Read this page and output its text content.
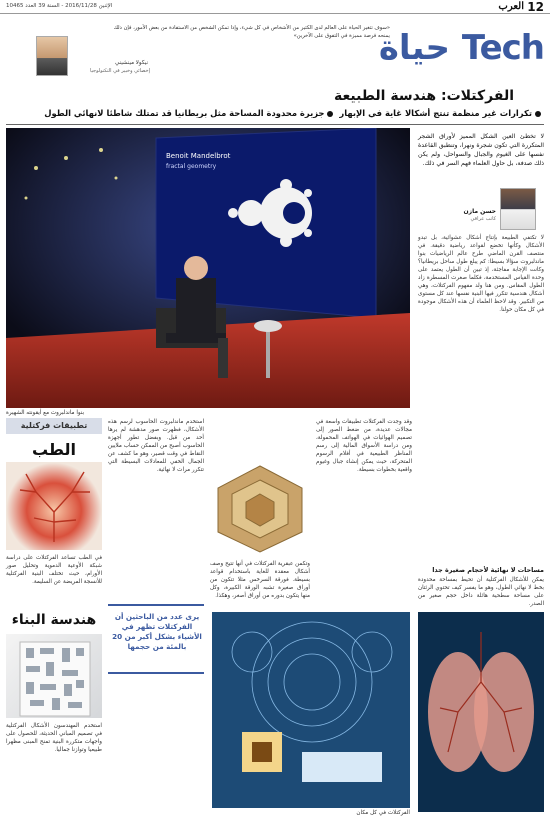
12
العرب
الإثنين 2016/11/28 - السنة 39 العدد 10465
حياة Tech
«سوف تتغير الحياة على العالم لدى الكثير من الأشخاص في كل شيء، وإذا تمكن الشخص من الاستفادة من بعض الأمور، فإن ذلك يمنحه فرصة مميزة في التفوق على الآخرين»
نيكولا مينشيني
إخصائي وخبير في التكنولوجيا
الفركتلات: هندسة الطبيعة
تكرارات غير منظمة تنتج أشكالا غاية في الإبهار جزيرة محدودة المساحة مثل بريطانيا قد تمتلك شاطئا لانهائي الطول
Benoit Mandelbrot
fractal geometry
بنوا ماندلبروت مع أيقونته الشهيرة
لا تخطئ العين الشكل المميز لأوراق الشجر المتكررة التي تكون شجرة ونهرا، وتنطبق القاعدة نفسها على الغيوم والجبال والسواحل، ولم يكن ذلك صدفة، بل حاول العلماء فهم السر في ذلك.
حسن مازن
كاتب عراقي
لا تكتفي الطبيعة بإنتاج أشكال عشوائية، بل تبدو الأشكال وكأنها تخضع لقواعد رياضية دقيقة. في منتصف القرن الماضي طرح عالم الرياضيات بنوا ماندلبروت سؤالا بسيطا: كم يبلغ طول ساحل بريطانيا؟ وكانت الإجابة مفاجئة، إذ تبين أن الطول يعتمد على وحدة القياس المستخدمة، فكلما صغرت المسطرة زاد الطول المقاس. ومن هنا ولد مفهوم الفركتلات، وهي أشكال هندسية تتكرر فيها البنية نفسها عند كل مستوى من التكبير. وقد لاحظ العلماء أن هذه الأشكال موجودة في كل مكان حولنا.
تطبيقات فركتلية
الطب
في الطب تساعد الفركتلات على دراسة شبكة الأوعية الدموية وتحليل صور الأورام، حيث تختلف البنية الفركتلية للأنسجة المريضة عن السليمة.
هندسة البناء
استخدم المهندسون الأشكال الفركتلية في تصميم المباني الحديثة، للحصول على واجهات متكررة البنية تمنح المبنى مظهرا طبيعيا وتوازنا جماليا.
استخدم ماندلبروت الحاسوب لرسم هذه الأشكال، فظهرت صور مدهشة لم يرها أحد من قبل. وبفضل تطور أجهزة الحاسوب أصبح من الممكن حساب ملايين النقاط في وقت قصير، وهو ما كشف عن الجمال الخفي للمعادلات البسيطة التي تتكرر مرات لا نهائية.
يرى عدد من الباحثين أن الفركتلات تظهر في الأشياء بشكل أكبر من 20 بالمئة من حجمها
وتكمن عبقرية الفركتلات في أنها تتيح وصف أشكال معقدة للغاية باستخدام قواعد بسيطة. فورقة السرخس مثلا تتكون من أوراق صغيرة تشبه الورقة الكبيرة، وكل منها يتكون بدوره من أوراق أصغر، وهكذا.
وقد وجدت الفركتلات تطبيقات واسعة في مجالات عديدة، من ضغط الصور إلى تصميم الهوائيات في الهواتف المحمولة، ومن دراسة الأسواق المالية إلى رسم المناظر الطبيعية في أفلام الرسوم المتحركة، حيث يمكن إنشاء جبال وغيوم واقعية بخطوات بسيطة.
الفركتلات في كل مكان
مساحات لا نهائية لأحجام صغيرة جدا
يمكن للأشكال الفركتلية أن تحيط بمساحة محدودة بخط لا نهائي الطول، وهو ما يفسر كيف تحتوي الرئتان على مساحة سطحية هائلة داخل حجم صغير من الصدر.
